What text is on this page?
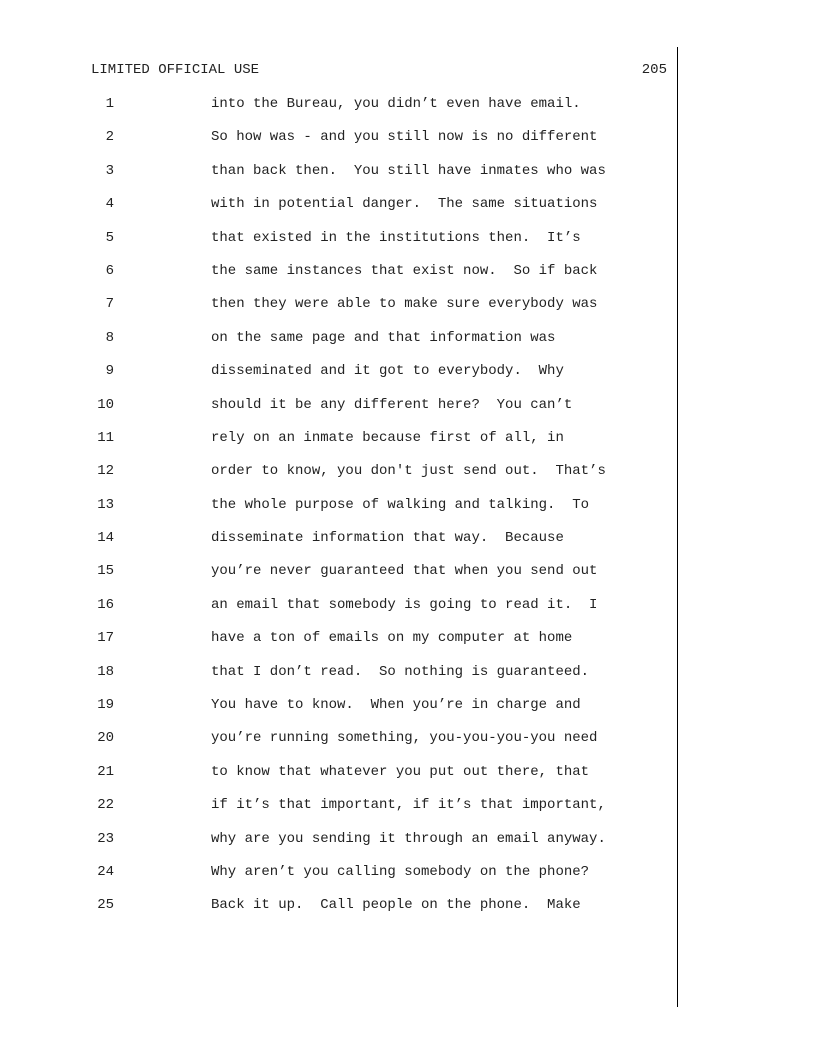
LIMITED OFFICIAL USE	205
1	into the Bureau, you didn’t even have email.
2	So how was - and you still now is no different
3	than back then.  You still have inmates who was
4	with in potential danger.  The same situations
5	that existed in the institutions then.  It’s
6	the same instances that exist now.  So if back
7	then they were able to make sure everybody was
8	on the same page and that information was
9	disseminated and it got to everybody.  Why
10	should it be any different here?  You can’t
11	rely on an inmate because first of all, in
12	order to know, you don't just send out.  That’s
13	the whole purpose of walking and talking.  To
14	disseminate information that way.  Because
15	you’re never guaranteed that when you send out
16	an email that somebody is going to read it.  I
17	have a ton of emails on my computer at home
18	that I don’t read.  So nothing is guaranteed.
19	You have to know.  When you’re in charge and
20	you’re running something, you-you-you-you need
21	to know that whatever you put out there, that
22	if it’s that important, if it’s that important,
23	why are you sending it through an email anyway.
24	Why aren’t you calling somebody on the phone?
25	Back it up.  Call people on the phone.  Make
